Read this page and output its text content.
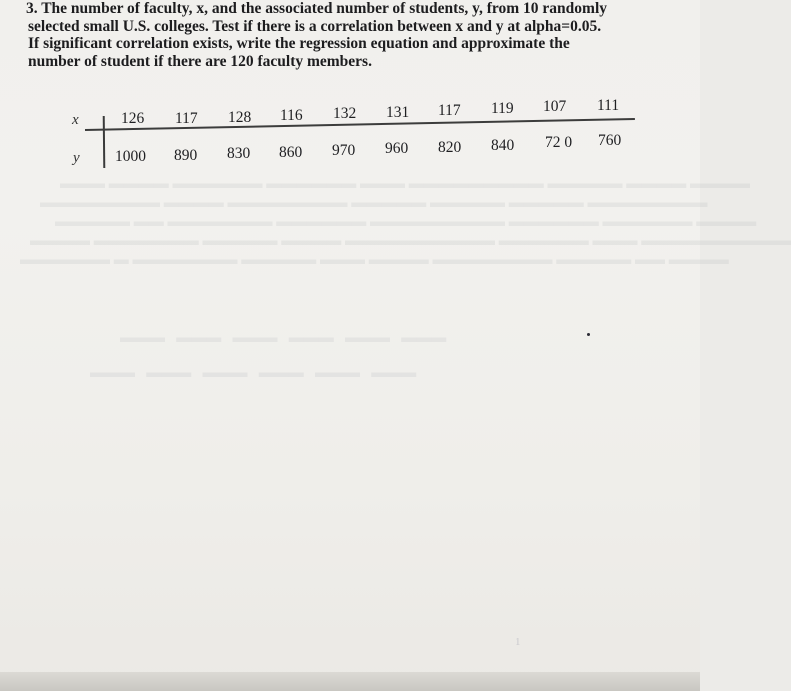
▬▬▬ ▬▬▬▬ ▬▬▬▬▬▬ ▬▬▬▬▬▬ ▬▬▬ ▬▬▬▬▬▬▬▬▬ ▬▬▬▬▬ ▬▬▬▬ ▬▬▬▬
▬▬▬▬▬▬▬▬ ▬▬▬▬ ▬▬▬▬▬▬▬▬ ▬▬▬▬▬ ▬▬▬▬▬ ▬▬▬▬▬ ▬▬▬▬▬▬▬▬
▬▬▬▬▬ ▬▬ ▬▬▬▬▬▬▬ ▬▬▬▬▬▬ ▬▬▬▬▬▬▬▬▬ ▬▬▬▬▬▬ ▬▬▬▬▬▬ ▬▬▬▬
▬▬▬▬ ▬▬▬▬▬▬▬ ▬▬▬▬▬ ▬▬▬▬ ▬▬▬▬▬▬▬▬▬▬ ▬▬▬▬▬▬ ▬▬▬ ▬▬▬▬▬▬▬▬▬▬
▬▬▬▬▬▬ ▬ ▬▬▬▬▬▬▬ ▬▬▬▬▬ ▬▬▬ ▬▬▬▬ ▬▬▬▬▬▬▬▬ ▬▬▬▬▬ ▬▬ ▬▬▬▬
▬▬▬   ▬▬▬   ▬▬▬   ▬▬▬   ▬▬▬   ▬▬▬
▬▬▬   ▬▬▬   ▬▬▬   ▬▬▬   ▬▬▬   ▬▬▬
3. The number of faculty, x, and the associated number of students, y, from 10 randomly
selected small U.S. colleges. Test if there is a correlation between x and y at alpha=0.05.
If significant correlation exists, write the regression equation and approximate the
number of student if there are 120 faculty members.
x
y
126 117 128 116 132 131 117 119 107 111
1000 890 830 860 970 960 820 840 72 0 760
1
